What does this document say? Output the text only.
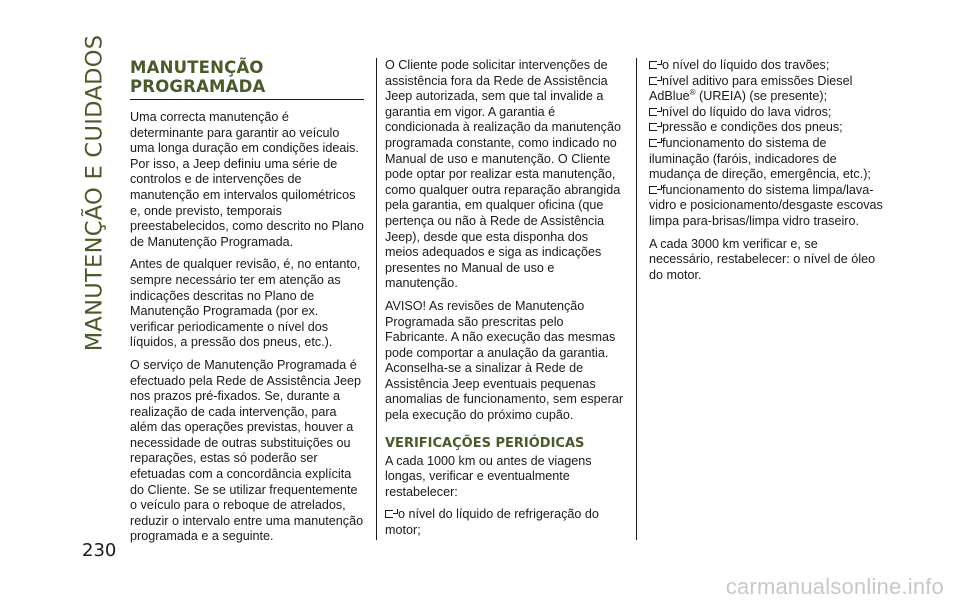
MANUTENÇÃO E CUIDADOS MANUTENÇÃO PROGRAMADA

Uma correcta manutenção é determinante para garantir ao veículo uma longa duração em condições ideais. Por isso, a Jeep definiu uma série de controlos e de intervenções de manutenção em intervalos quilométricos e, onde previsto, temporais preestabelecidos, como descrito no Plano de Manutenção Programada.

Antes de qualquer revisão, é, no entanto, sempre necessário ter em atenção as indicações descritas no Plano de Manutenção Programada (por ex. verificar periodicamente o nível dos líquidos, a pressão dos pneus, etc.).

O serviço de Manutenção Programada é efectuado pela Rede de Assistência Jeep nos prazos pré-fixados. Se, durante a realização de cada intervenção, para além das operações previstas, houver a necessidade de outras substituições ou reparações, estas só poderão ser efetuadas com a concordância explícita do Cliente. Se se utilizar frequentemente o veículo para o reboque de atrelados, reduzir o intervalo entre uma manutenção programada e a seguinte.

O Cliente pode solicitar intervenções de assistência fora da Rede de Assistência Jeep autorizada, sem que tal invalide a garantia em vigor. A garantia é condicionada à realização da manutenção programada constante, como indicado no Manual de uso e manutenção. O Cliente pode optar por realizar esta manutenção, como qualquer outra reparação abrangida pela garantia, em qualquer oficina (que pertença ou não à Rede de Assistência Jeep), desde que esta disponha dos meios adequados e siga as indicações presentes no Manual de uso e manutenção.

AVISO! As revisões de Manutenção Programada são prescritas pelo Fabricante. A não execução das mesmas pode comportar a anulação da garantia. Aconselha-se a sinalizar à Rede de Assistência Jeep eventuais pequenas anomalias de funcionamento, sem esperar pela execução do próximo cupão.

VERIFICAÇÕES PERIÓDICAS

A cada 1000 km ou antes de viagens longas, verificar e eventualmente restabelecer:

o nível do líquido de refrigeração do motor;
o nível do líquido dos travões;
nível aditivo para emissões Diesel AdBlue® (UREIA) (se presente);
nível do líquido do lava vidros;
pressão e condições dos pneus;
funcionamento do sistema de iluminação (faróis, indicadores de mudança de direção, emergência, etc.);
funcionamento do sistema limpa/lava-vidro e posicionamento/desgaste escovas limpa para-brisas/limpa vidro traseiro.

A cada 3000 km verificar e, se necessário, restabelecer: o nível de óleo do motor.

230
carmanualsonline.info
